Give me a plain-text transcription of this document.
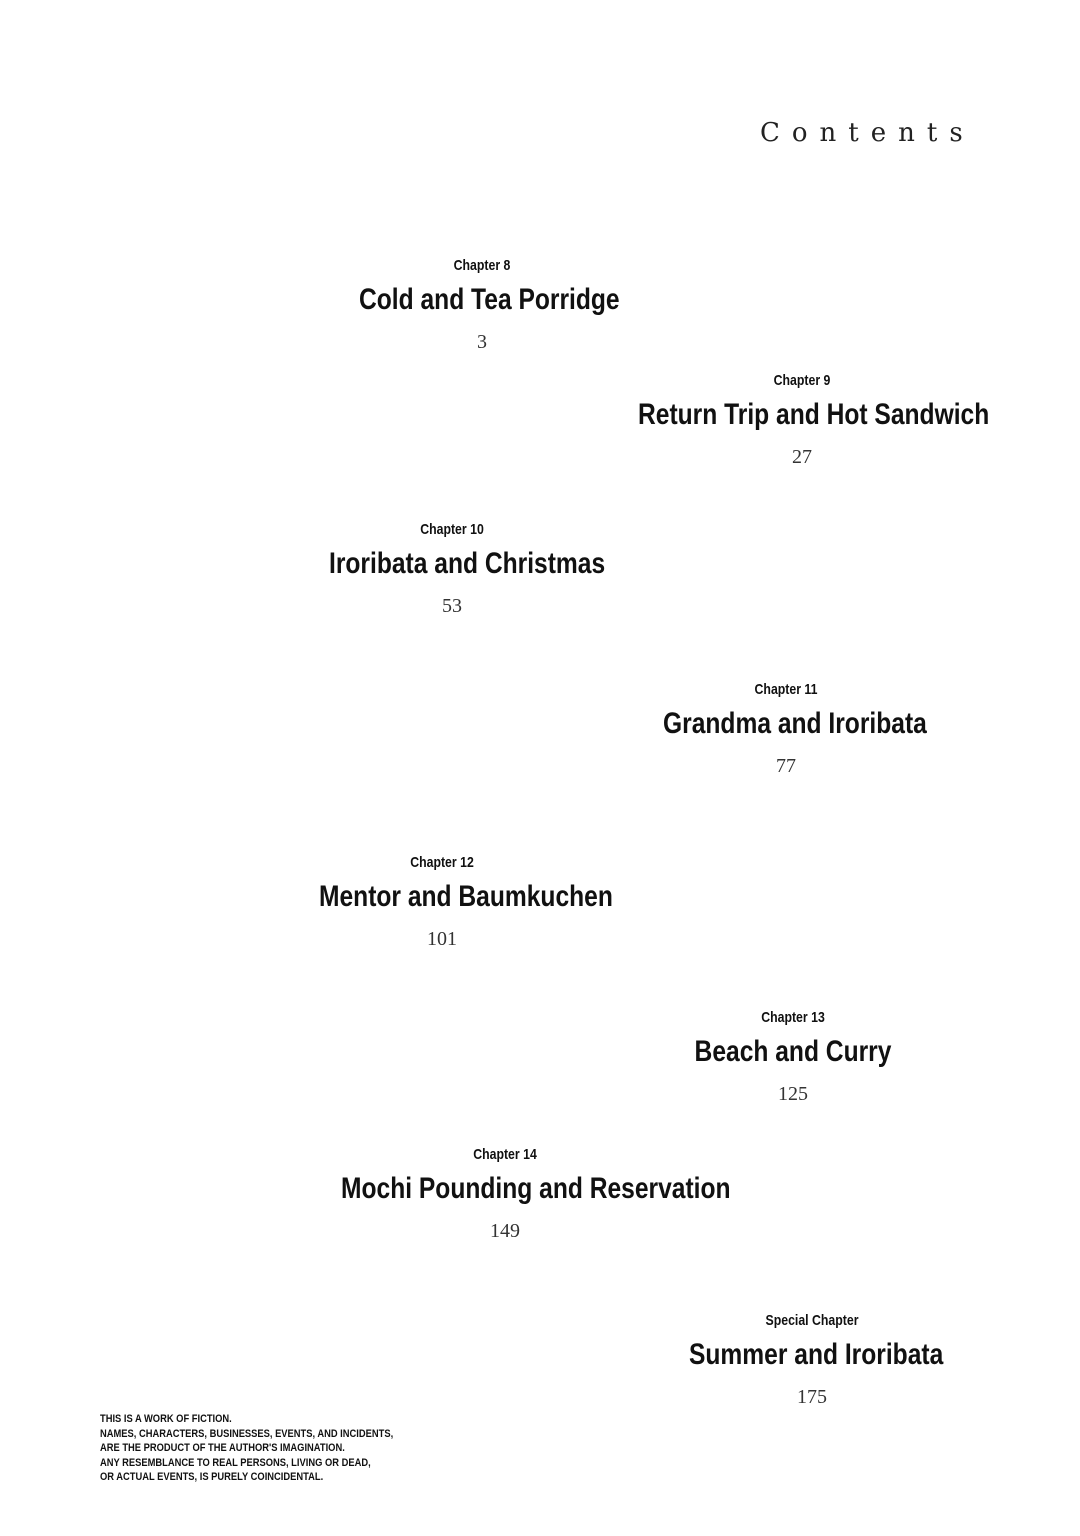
Contents
Chapter 8
Cold and Tea Porridge
3
Chapter 9
Return Trip and Hot Sandwich
27
Chapter 10
Iroribata and Christmas
53
Chapter 11
Grandma and Iroribata
77
Chapter 12
Mentor and Baumkuchen
101
Chapter 13
Beach and Curry
125
Chapter 14
Mochi Pounding and Reservation
149
Special Chapter
Summer and Iroribata
175
THIS IS A WORK OF FICTION.
NAMES, CHARACTERS, BUSINESSES, EVENTS, AND INCIDENTS,
ARE THE PRODUCT OF THE AUTHOR'S IMAGINATION.
ANY RESEMBLANCE TO REAL PERSONS, LIVING OR DEAD,
OR ACTUAL EVENTS, IS PURELY COINCIDENTAL.
